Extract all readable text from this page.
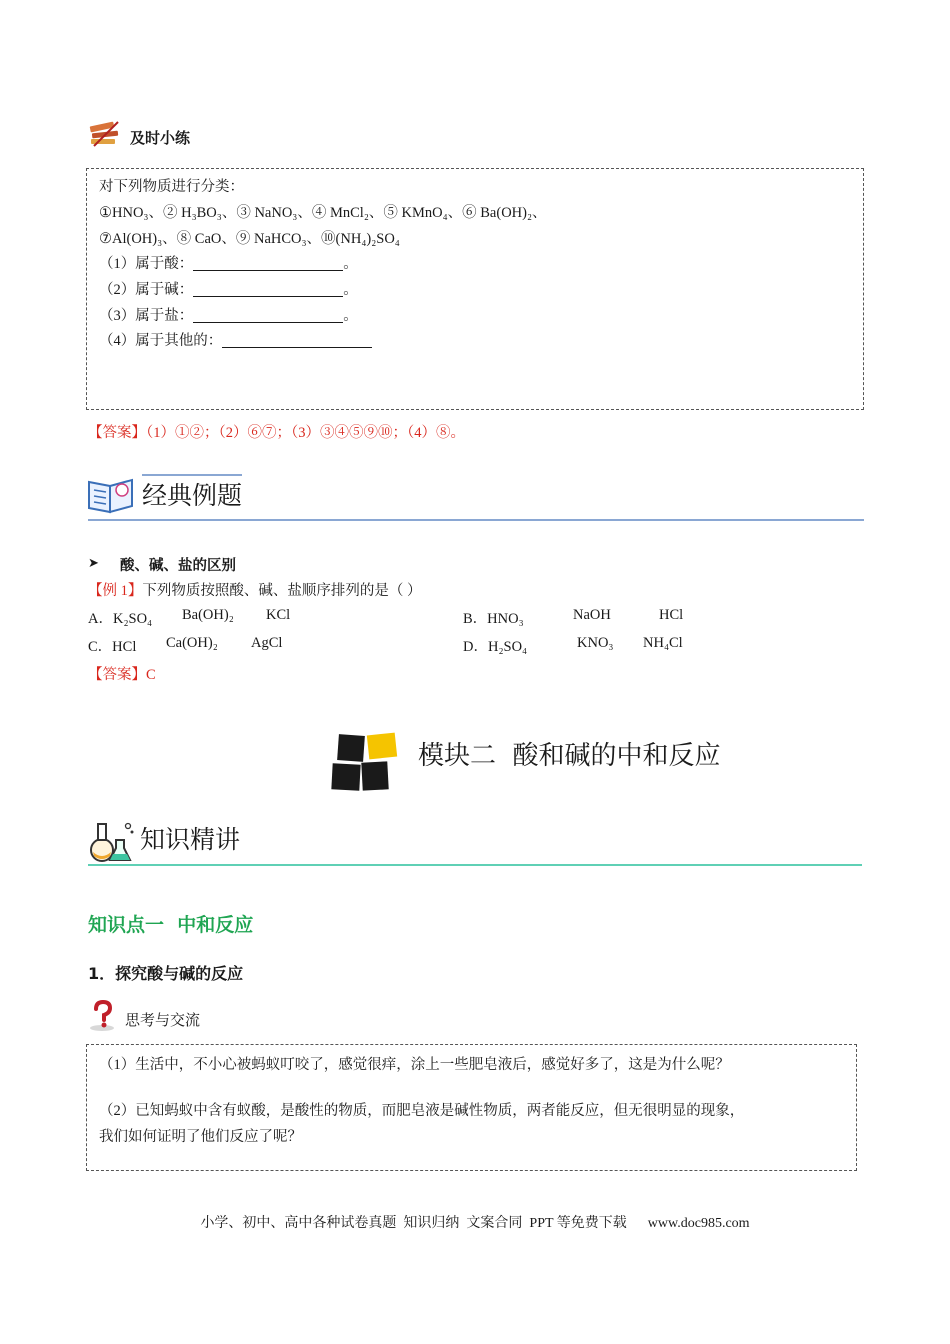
及时小练
对下列物质进行分类：
①HNO₃、② H₃BO₃、③ NaNO₃、④ MnCl₂、⑤ KMnO₄、⑥ Ba(OH)₂、
⑦Al(OH)₃、⑧ CaO、⑨ NaHCO₃、⑩(NH₄)₂SO₄
（1）属于酸：	。
（2）属于碱：	。
（3）属于盐：	。
（4）属于其他的：
【答案】（1）①②；（2）⑥⑦；（3）③④⑤⑨⑩；（4）⑧。
经典例题
➤ 酸、碱、盐的区别
【例 1】下列物质按照酸、碱、盐顺序排列的是（ ）
A．K₂SO₄ Ba(OH)₂ KCl	B．HNO₃	NaOH	HCl
C．HCl Ca(OH)₂ AgCl	D．H₂SO₄	KNO₃ NH₄Cl
【答案】C
模块二  酸和碱的中和反应
知识精讲
知识点一  中和反应
1．探究酸与碱的反应
思考与交流
（1）生活中，不小心被蚂蚁叮咬了，感觉很痒，涂上一些肥皂液后，感觉好多了，这是为什么呢？
（2）已知蚂蚁中含有蚁酸，是酸性的物质，而肥皂液是碱性物质，两者能反应，但无很明显的现象，
我们如何证明了他们反应了呢？
小学、初中、高中各种试卷真题  知识归纳  文案合同  PPT 等免费下载      www.doc985.com
